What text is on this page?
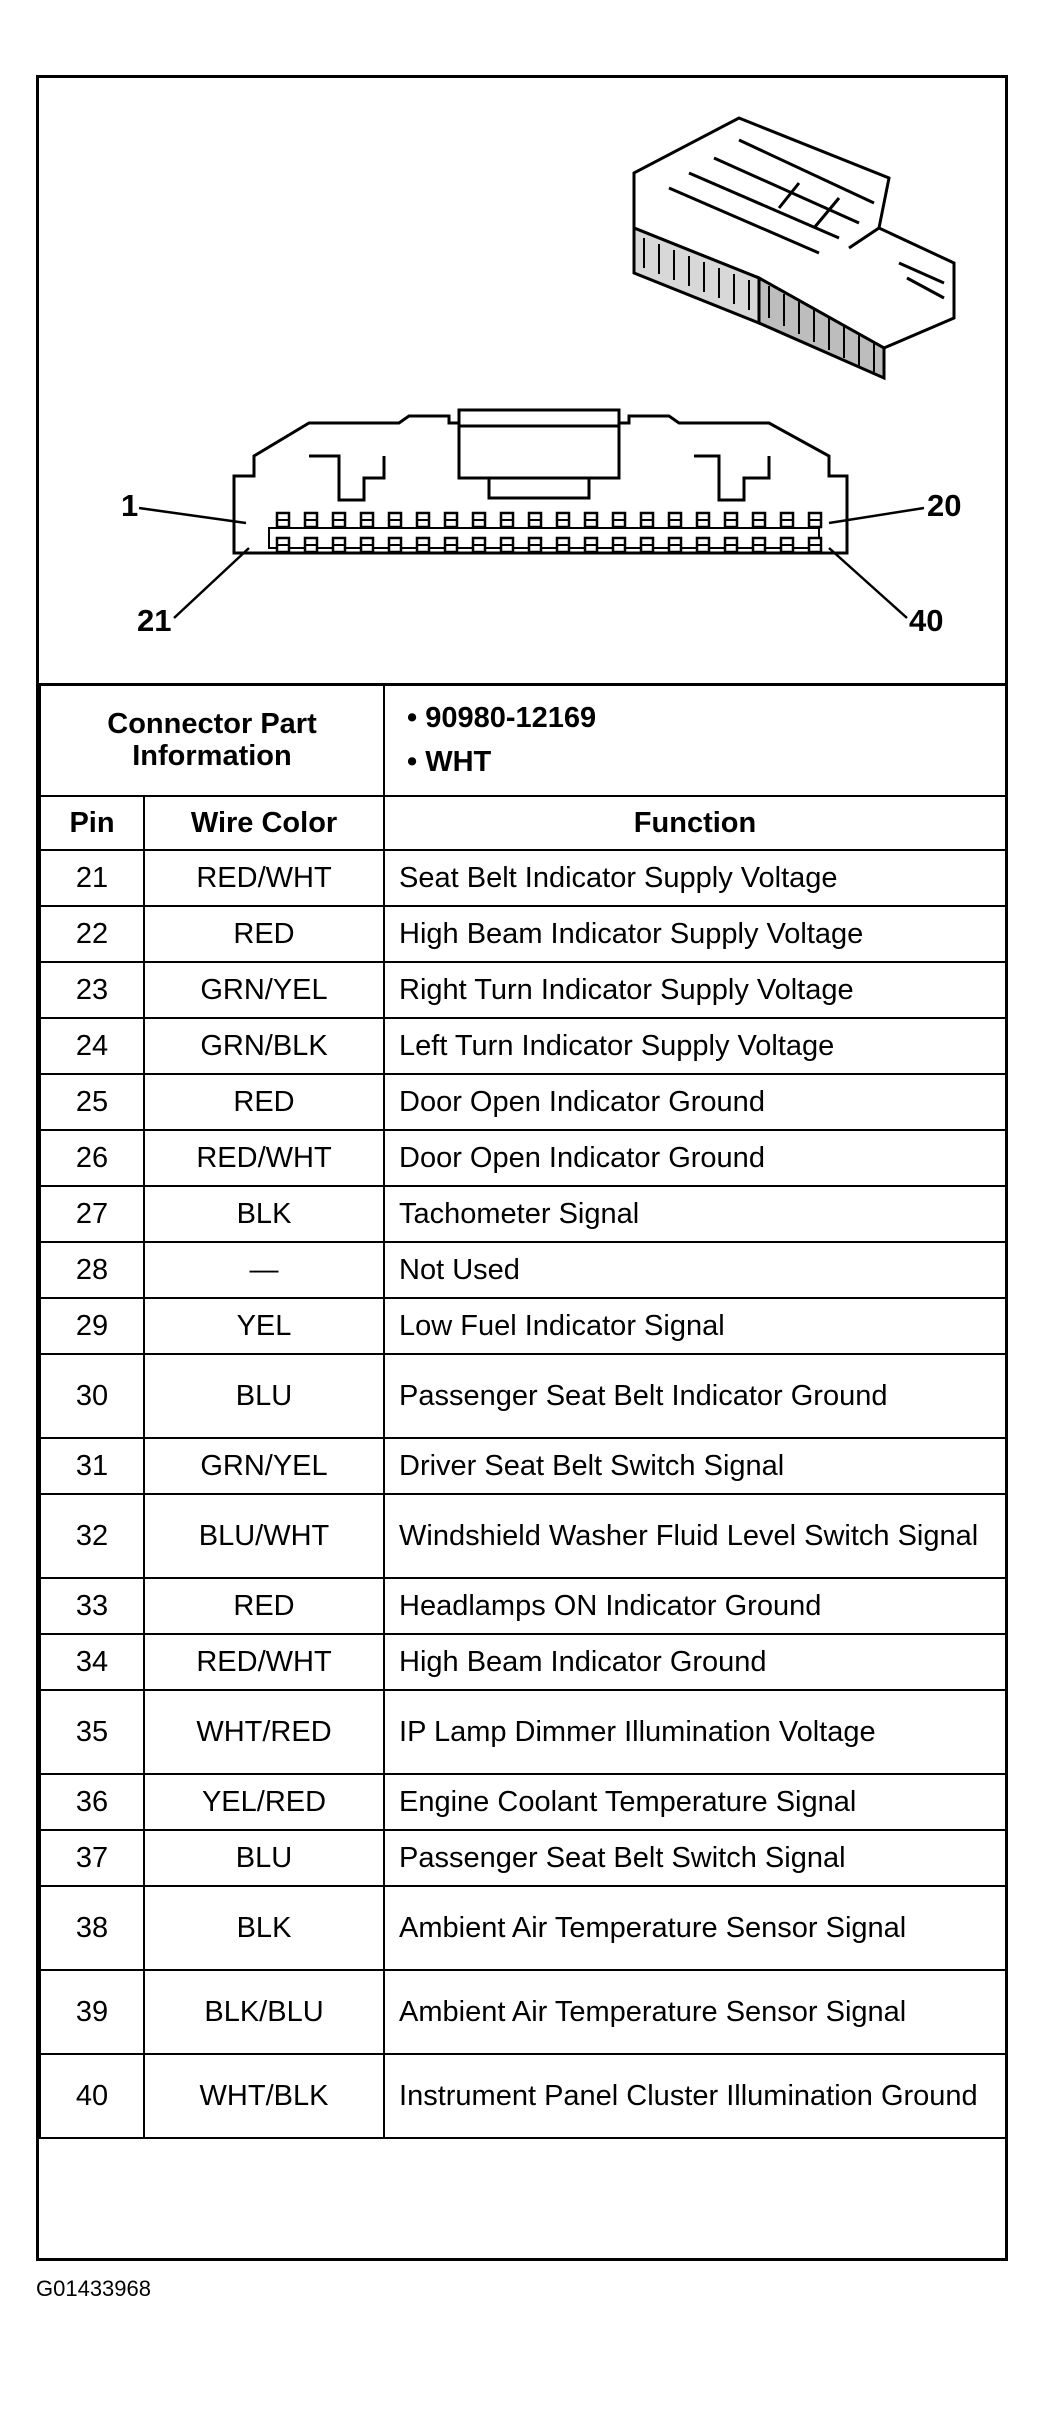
1	20
21	40
Connector Part Information		• 90980-12169
• WHT

Pin	Wire Color	Function
21	RED/WHT	Seat Belt Indicator Supply Voltage
22	RED	High Beam Indicator Supply Voltage
23	GRN/YEL	Right Turn Indicator Supply Voltage
24	GRN/BLK	Left Turn Indicator Supply Voltage
25	RED	Door Open Indicator Ground
26	RED/WHT	Door Open Indicator Ground
27	BLK	Tachometer Signal
28	—	Not Used
29	YEL	Low Fuel Indicator Signal
30	BLU	Passenger Seat Belt Indicator Ground
31	GRN/YEL	Driver Seat Belt Switch Signal
32	BLU/WHT	Windshield Washer Fluid Level Switch Signal
33	RED	Headlamps ON Indicator Ground
34	RED/WHT	High Beam Indicator Ground
35	WHT/RED	IP Lamp Dimmer Illumination Voltage
36	YEL/RED	Engine Coolant Temperature Signal
37	BLU	Passenger Seat Belt Switch Signal
38	BLK	Ambient Air Temperature Sensor Signal
39	BLK/BLU	Ambient Air Temperature Sensor Signal
40	WHT/BLK	Instrument Panel Cluster Illumination Ground
G01433968
